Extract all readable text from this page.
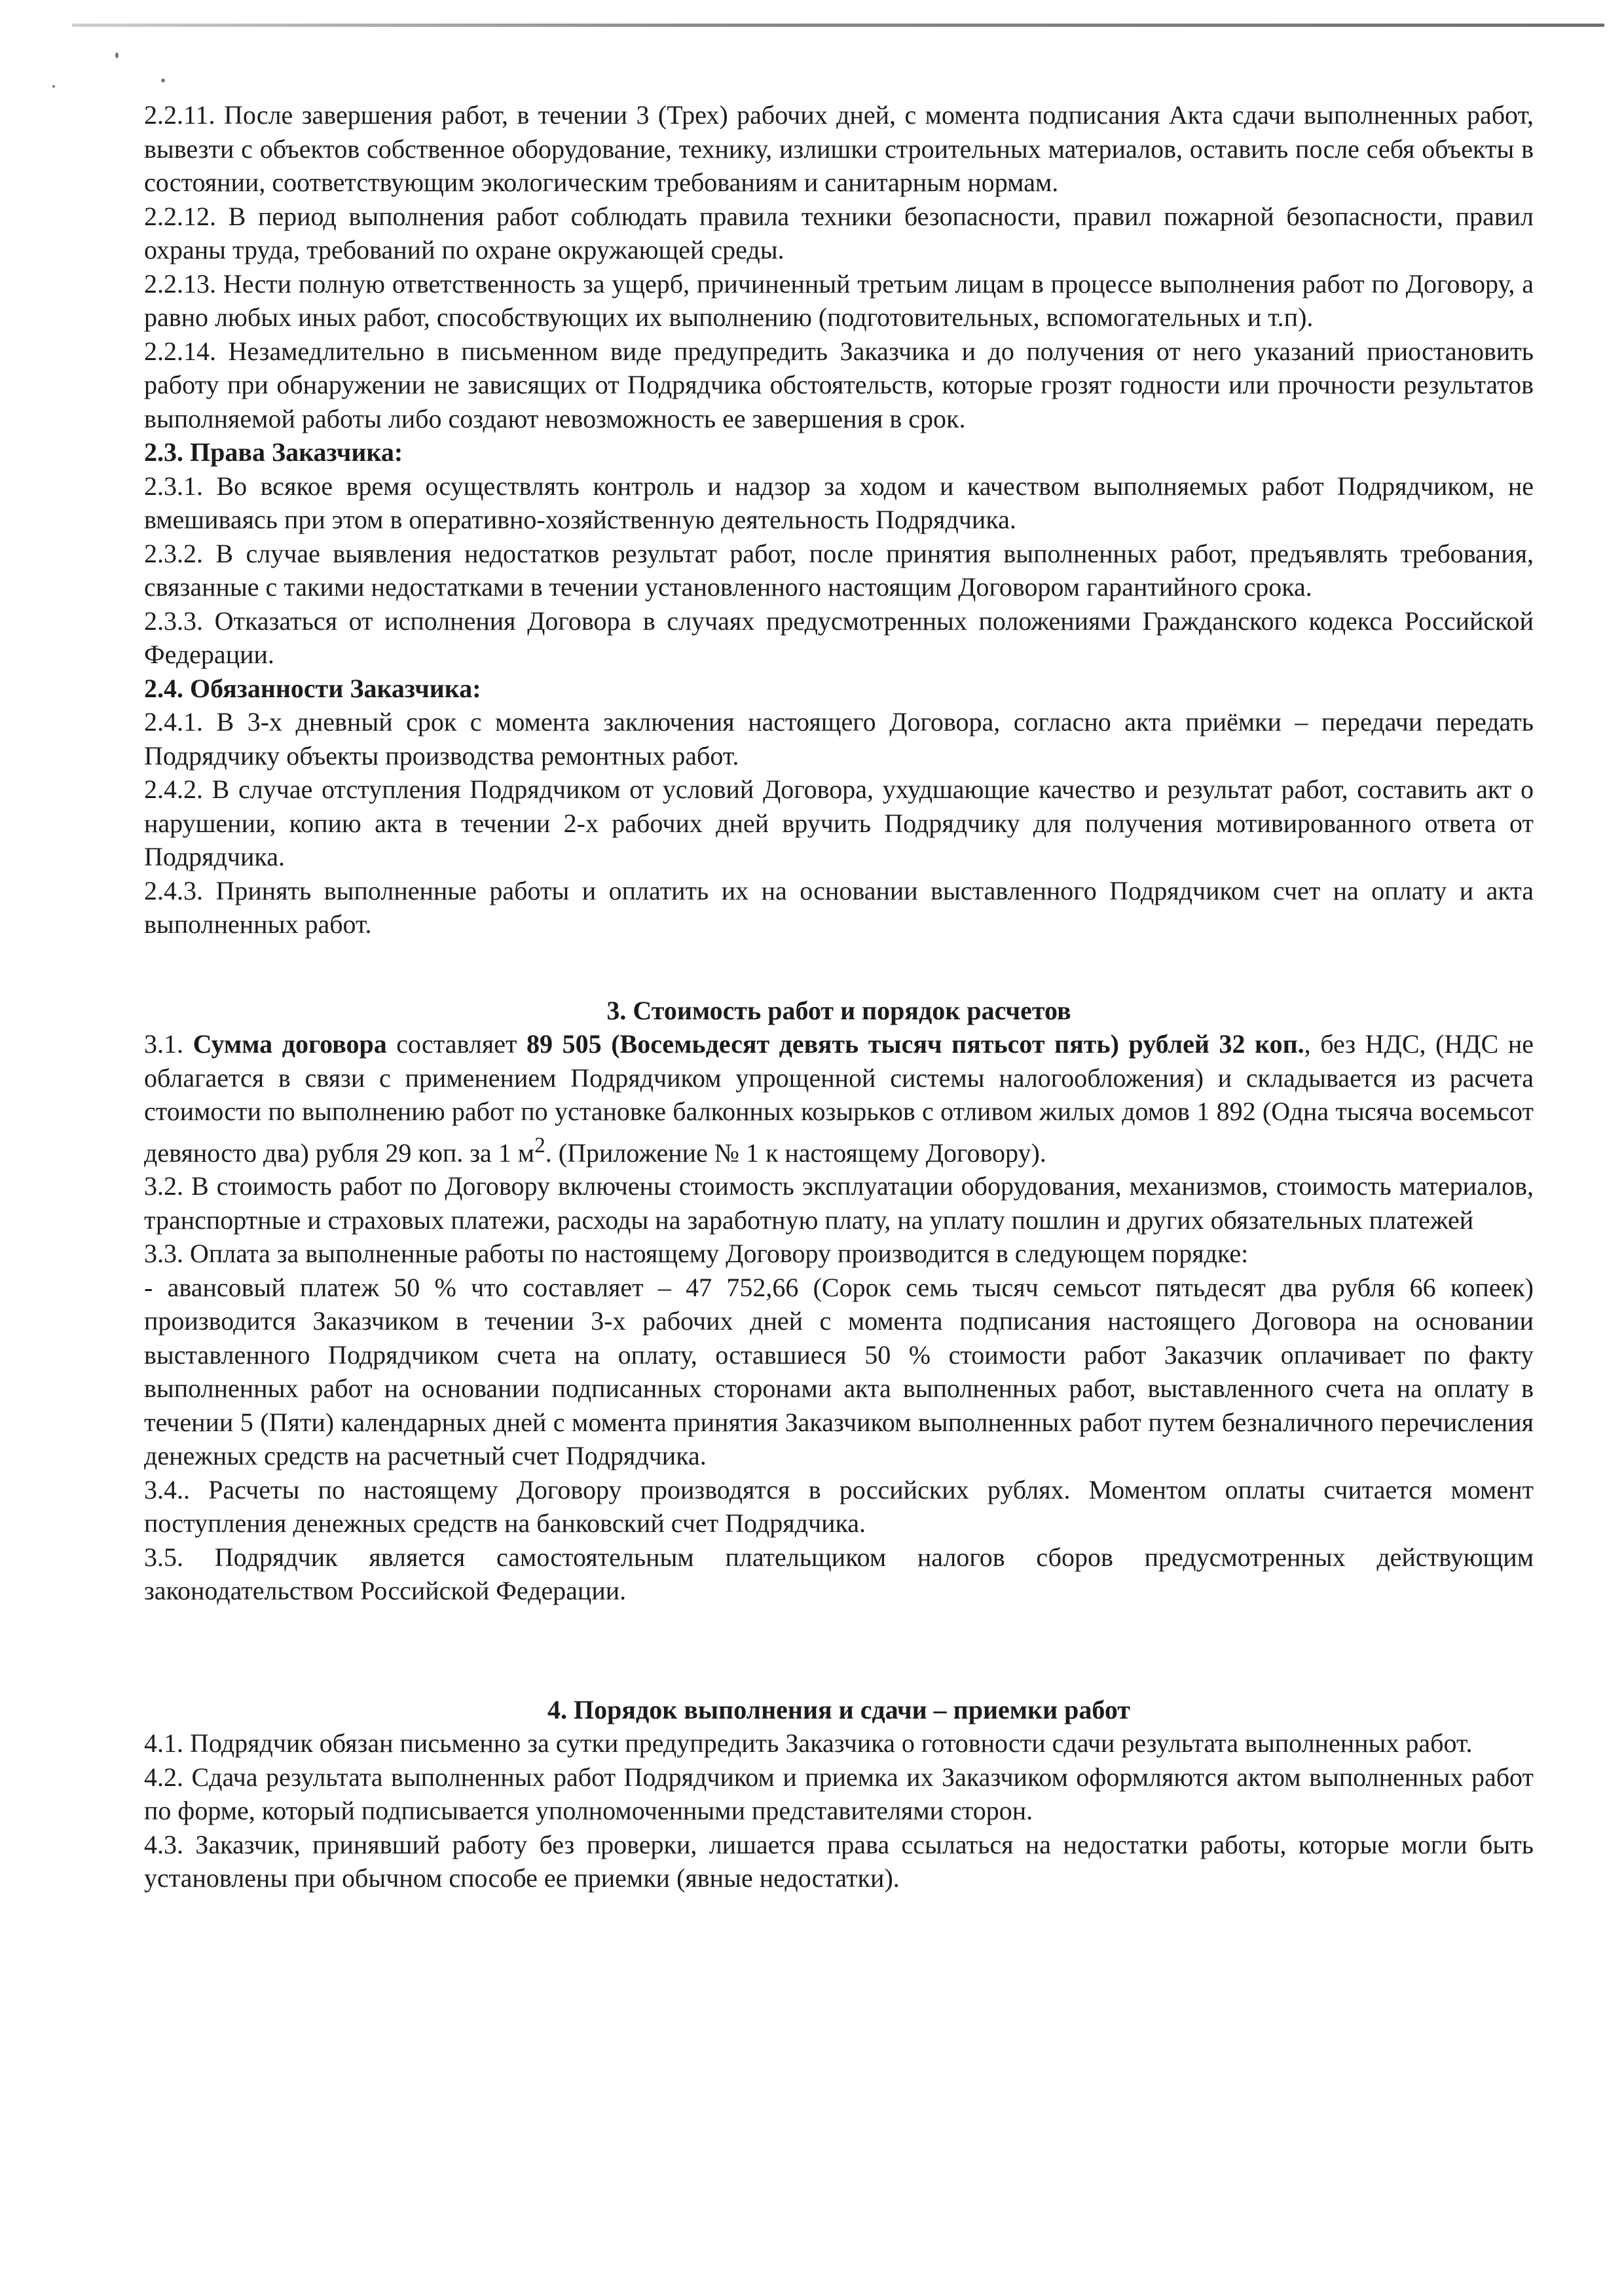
2.2.11. После завершения работ, в течении 3 (Трех) рабочих дней, с момента подписания Акта сдачи выполненных работ, вывезти с объектов собственное оборудование, технику, излишки строительных материалов, оставить после себя объекты в состоянии, соответствующим экологическим требованиям и санитарным нормам.

2.2.12. В период выполнения работ соблюдать правила техники безопасности, правил пожарной безопасности, правил охраны труда, требований по охране окружающей среды.

2.2.13. Нести полную ответственность за ущерб, причиненный третьим лицам в процессе выполнения работ по Договору, а равно любых иных работ, способствующих их выполнению (подготовительных, вспомогательных и т.п).

2.2.14. Незамедлительно в письменном виде предупредить Заказчика и до получения от него указаний приостановить работу при обнаружении не зависящих от Подрядчика обстоятельств, которые грозят годности или прочности результатов выполняемой работы либо создают невозможность ее завершения в срок.

2.3. Права Заказчика:

2.3.1. Во всякое время осуществлять контроль и надзор за ходом и качеством выполняемых работ Подрядчиком, не вмешиваясь при этом в оперативно-хозяйственную деятельность Подрядчика.

2.3.2. В случае выявления недостатков результат работ, после принятия выполненных работ, предъявлять требования, связанные с такими недостатками в течении установленного настоящим Договором гарантийного срока.

2.3.3. Отказаться от исполнения Договора в случаях предусмотренных положениями Гражданского кодекса Российской Федерации.

2.4. Обязанности Заказчика:

2.4.1. В 3-х дневный срок с момента заключения настоящего Договора, согласно акта приёмки – передачи передать Подрядчику объекты производства ремонтных работ.

2.4.2. В случае отступления Подрядчиком от условий Договора, ухудшающие качество и результат работ, составить акт о нарушении, копию акта в течении 2-х рабочих дней вручить Подрядчику для получения мотивированного ответа от Подрядчика.

2.4.3. Принять выполненные работы и оплатить их на основании выставленного Подрядчиком счет на оплату и акта выполненных работ.

3. Стоимость работ и порядок расчетов

3.1. Сумма договора составляет 89 505 (Восемьдесят девять тысяч пятьсот пять) рублей 32 коп., без НДС, (НДС не облагается в связи с применением Подрядчиком упрощенной системы налогообложения) и складывается из расчета стоимости по выполнению работ по установке балконных козырьков с отливом жилых домов 1 892 (Одна тысяча восемьсот девяносто два) рубля 29 коп. за 1 $м^2$. (Приложение № 1 к настоящему Договору).

3.2. В стоимость работ по Договору включены стоимость эксплуатации оборудования, механизмов, стоимость материалов, транспортные и страховых платежи, расходы на заработную плату, на уплату пошлин и других обязательных платежей

3.3. Оплата за выполненные работы по настоящему Договору производится в следующем порядке:

- авансовый платеж 50 % что составляет – 47 752,66 (Сорок семь тысяч семьсот пятьдесят два рубля 66 копеек) производится Заказчиком в течении 3-х рабочих дней с момента подписания настоящего Договора на основании выставленного Подрядчиком счета на оплату, оставшиеся 50 % стоимости работ Заказчик оплачивает по факту выполненных работ на основании подписанных сторонами акта выполненных работ, выставленного счета на оплату в течении 5 (Пяти) календарных дней с момента принятия Заказчиком выполненных работ путем безналичного перечисления денежных средств на расчетный счет Подрядчика.

3.4.. Расчеты по настоящему Договору производятся в российских рублях. Моментом оплаты считается момент поступления денежных средств на банковский счет Подрядчика.

3.5. Подрядчик является самостоятельным плательщиком налогов сборов предусмотренных действующим законодательством Российской Федерации.

4. Порядок выполнения и сдачи – приемки работ

4.1. Подрядчик обязан письменно за сутки предупредить Заказчика о готовности сдачи результата выполненных работ.

4.2. Сдача результата выполненных работ Подрядчиком и приемка их Заказчиком оформляются актом выполненных работ по форме, который подписывается уполномоченными представителями сторон.

4.3. Заказчик, принявший работу без проверки, лишается права ссылаться на недостатки работы, которые могли быть установлены при обычном способе ее приемки (явные недостатки).
